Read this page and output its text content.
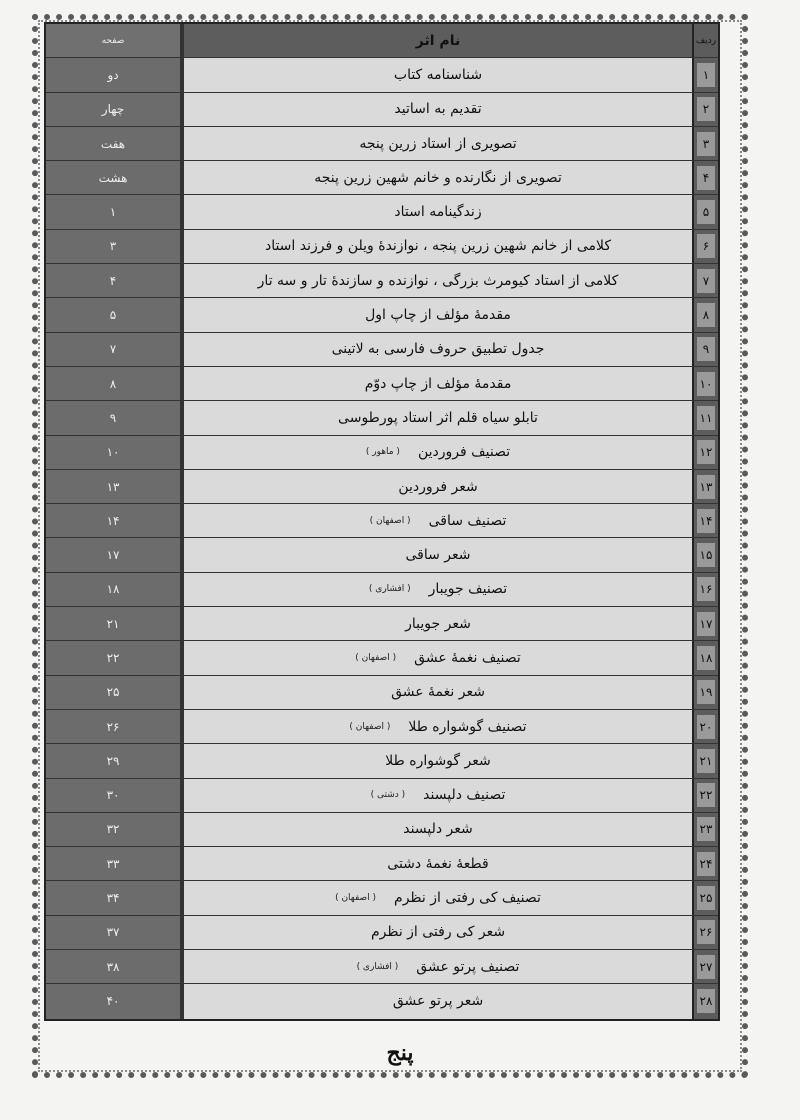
ردیف
نام اثر
صفحه
۱
شناسنامه کتاب
دو
۲
تقدیم به اساتید
چهار
۳
تصویری از استاد زرین پنجه
هفت
۴
تصویری از نگارنده و خانم شهین زرین پنجه
هشت
۵
زندگینامه استاد
۱
۶
کلامی از خانم شهین زرین پنجه ، نوازندهٔ ویلن و فرزند استاد
۳
۷
کلامی از استاد کیومرث بزرگی ، نوازنده و سازندهٔ تار و سه تار
۴
۸
مقدمهٔ مؤلف از چاپ اول
۵
۹
جدول تطبیق حروف فارسی به لاتینی
۷
۱۰
مقدمهٔ مؤلف از چاپ دوّم
۸
۱۱
تابلو سیاه قلم اثر استاد پورطوسی
۹
۱۲
تصنیف فروردین
( ماهور )
۱۰
۱۳
شعر فروردین
۱۳
۱۴
تصنیف ساقی
( اصفهان )
۱۴
۱۵
شعر ساقی
۱۷
۱۶
تصنیف جویبار
( افشاری )
۱۸
۱۷
شعر جویبار
۲۱
۱۸
تصنیف نغمهٔ عشق
( اصفهان )
۲۲
۱۹
شعر نغمهٔ عشق
۲۵
۲۰
تصنیف گوشواره طلا
( اصفهان )
۲۶
۲۱
شعر گوشواره طلا
۲۹
۲۲
تصنیف دلپسند
( دشتی )
۳۰
۲۳
شعر دلپسند
۳۲
۲۴
قطعهٔ نغمهٔ دشتی
۳۳
۲۵
تصنیف کی رفتی از نظرم
( اصفهان )
۳۴
۲۶
شعر کی رفتی از نظرم
۳۷
۲۷
تصنیف پرتو عشق
( افشاری )
۳۸
۲۸
شعر پرتو عشق
۴۰
پنج
